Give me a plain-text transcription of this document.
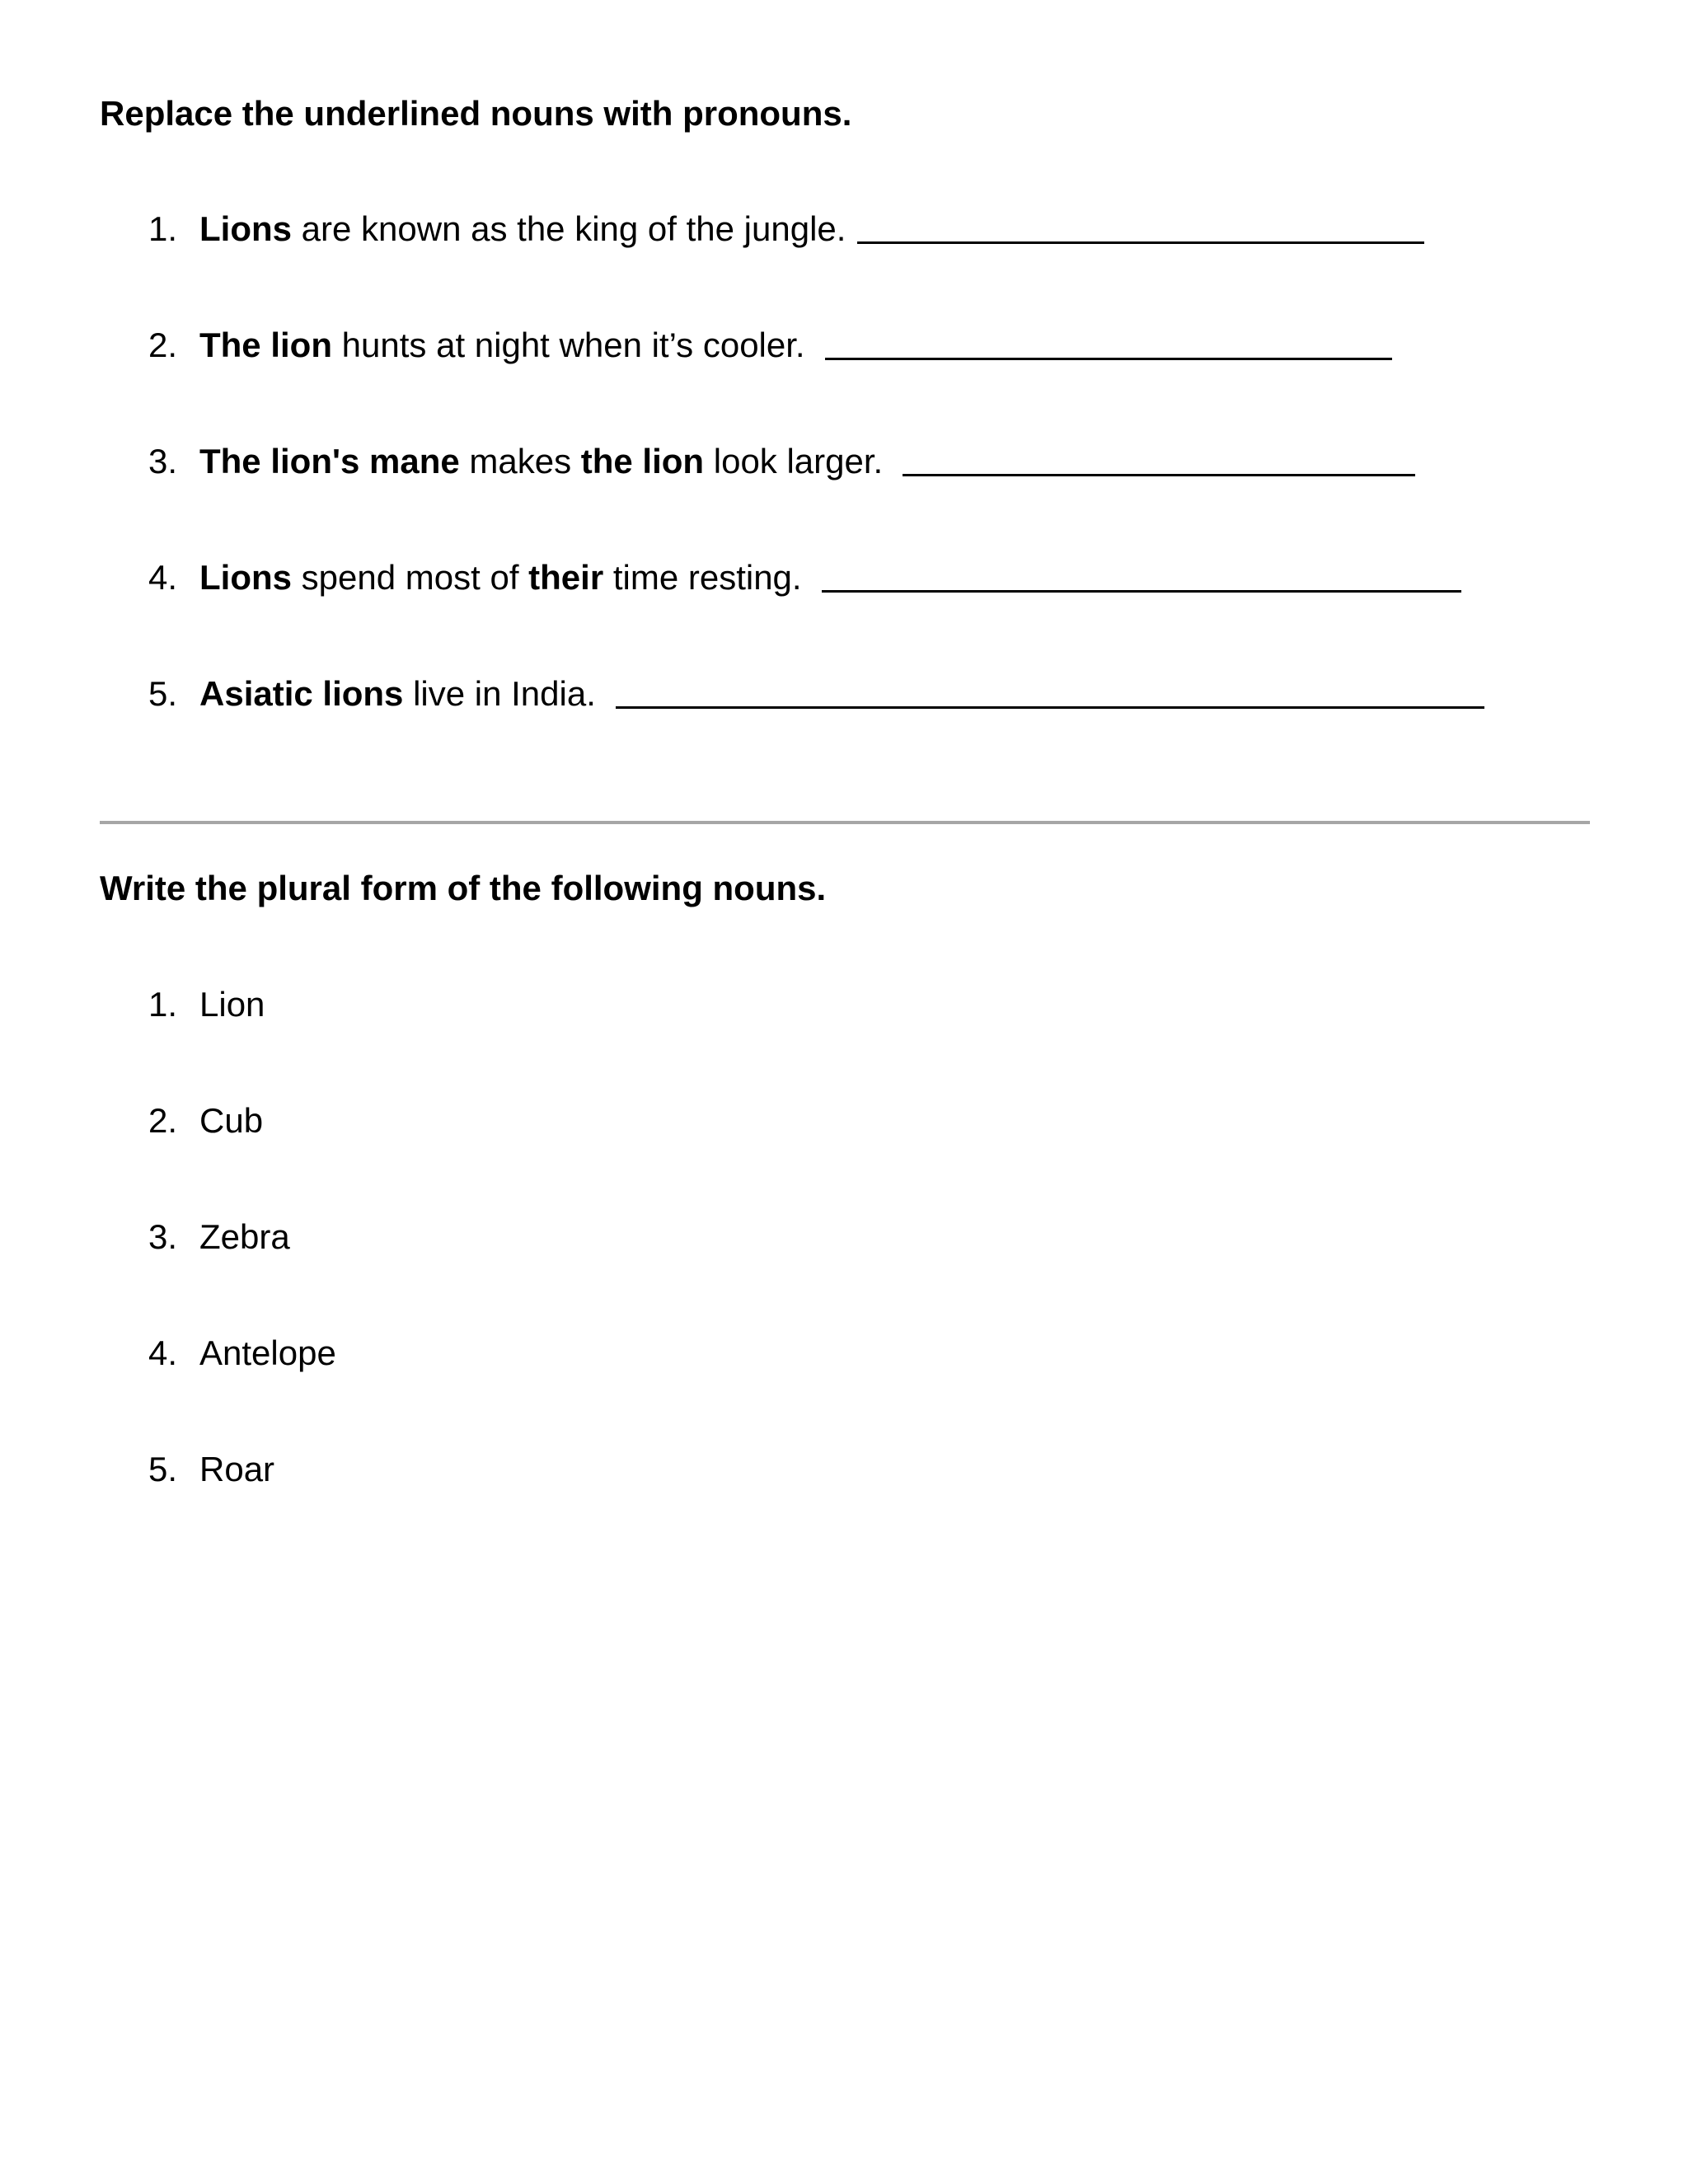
Replace the underlined nouns with pronouns.
1. Lions are known as the king of the jungle.
2. The lion hunts at night when it’s cooler.
3. The lion's mane makes the lion look larger.
4. Lions spend most of their time resting.
5. Asiatic lions live in India.
Write the plural form of the following nouns.
1. Lion
2. Cub
3. Zebra
4. Antelope
5. Roar
